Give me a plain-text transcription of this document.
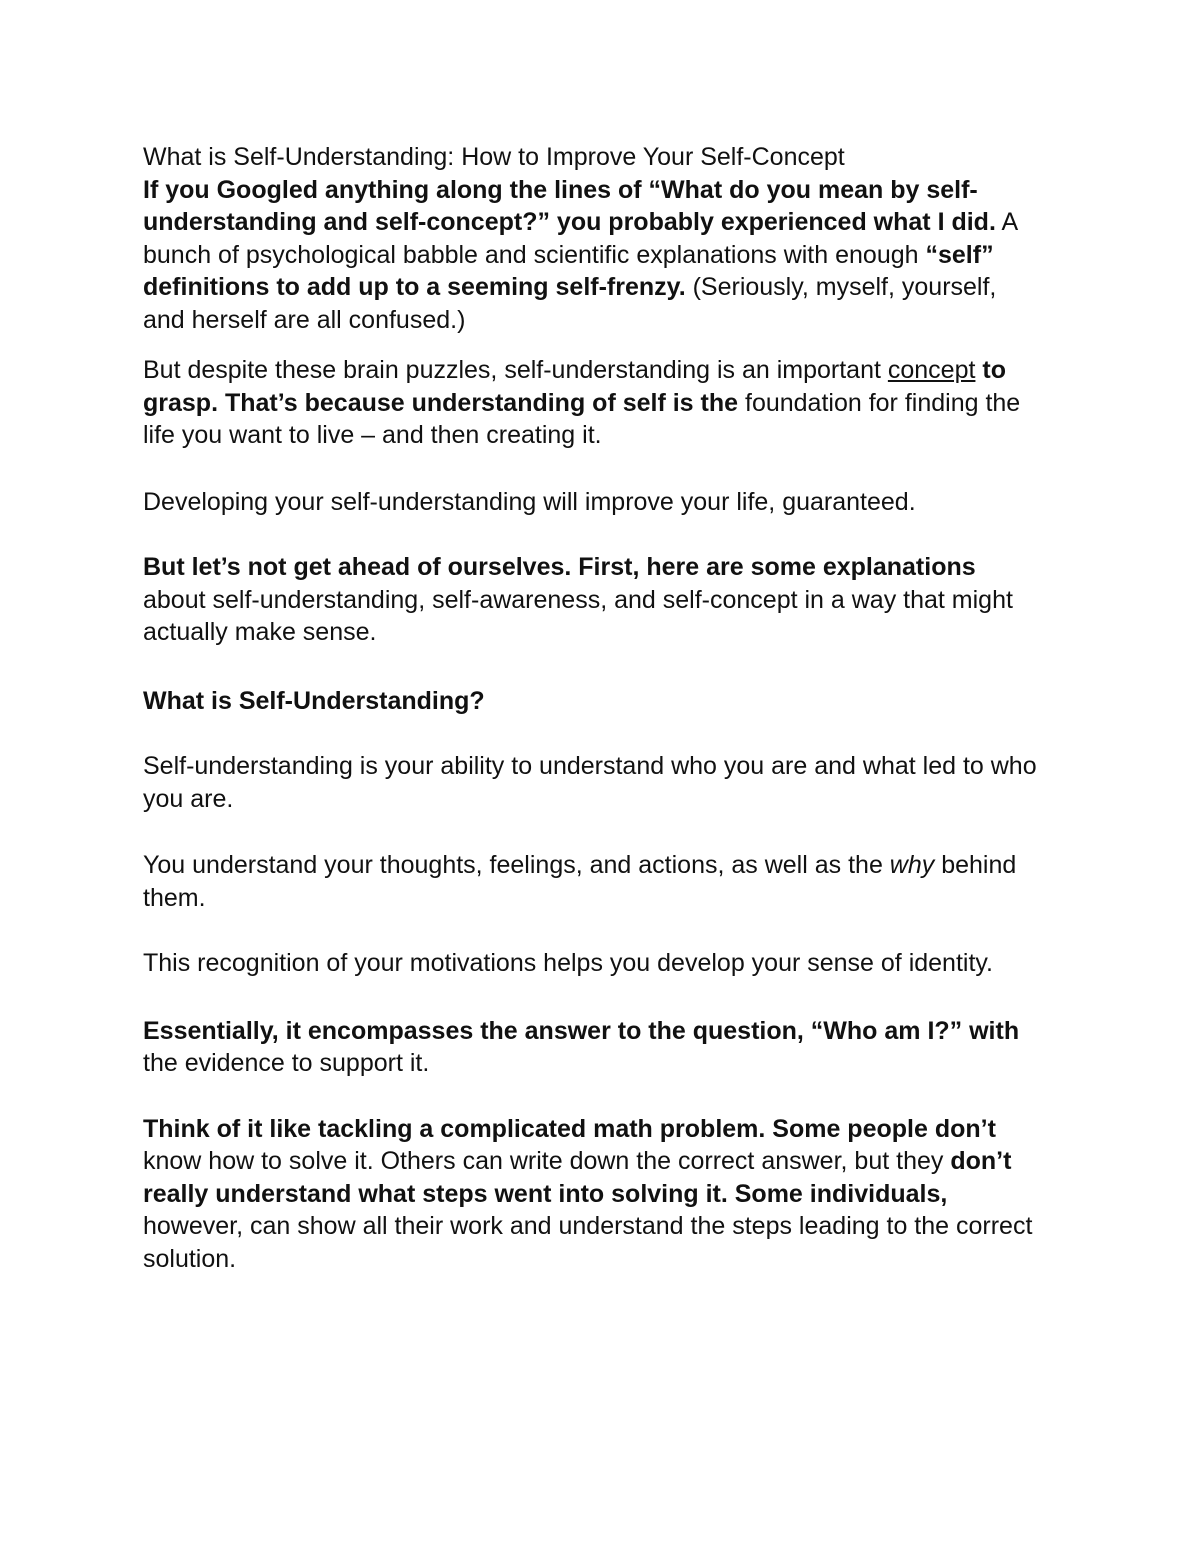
What is Self-Understanding: How to Improve Your Self-Concept

If you Googled anything along the lines of “What do you mean by self-understanding and self-concept?” you probably experienced what I did. A bunch of psychological babble and scientific explanations with enough “self” definitions to add up to a seeming self-frenzy. (Seriously, myself, yourself, and herself are all confused.)

But despite these brain puzzles, self-understanding is an important concept to grasp. That’s because understanding of self is the foundation for finding the life you want to live – and then creating it.

Developing your self-understanding will improve your life, guaranteed.

But let’s not get ahead of ourselves. First, here are some explanations about self-understanding, self-awareness, and self-concept in a way that might actually make sense.

What is Self-Understanding?

Self-understanding is your ability to understand who you are and what led to who you are.

You understand your thoughts, feelings, and actions, as well as the why behind them.

This recognition of your motivations helps you develop your sense of identity.

Essentially, it encompasses the answer to the question, “Who am I?” with the evidence to support it.

Think of it like tackling a complicated math problem. Some people don’t know how to solve it. Others can write down the correct answer, but they don’t really understand what steps went into solving it. Some individuals, however, can show all their work and understand the steps leading to the correct solution.
